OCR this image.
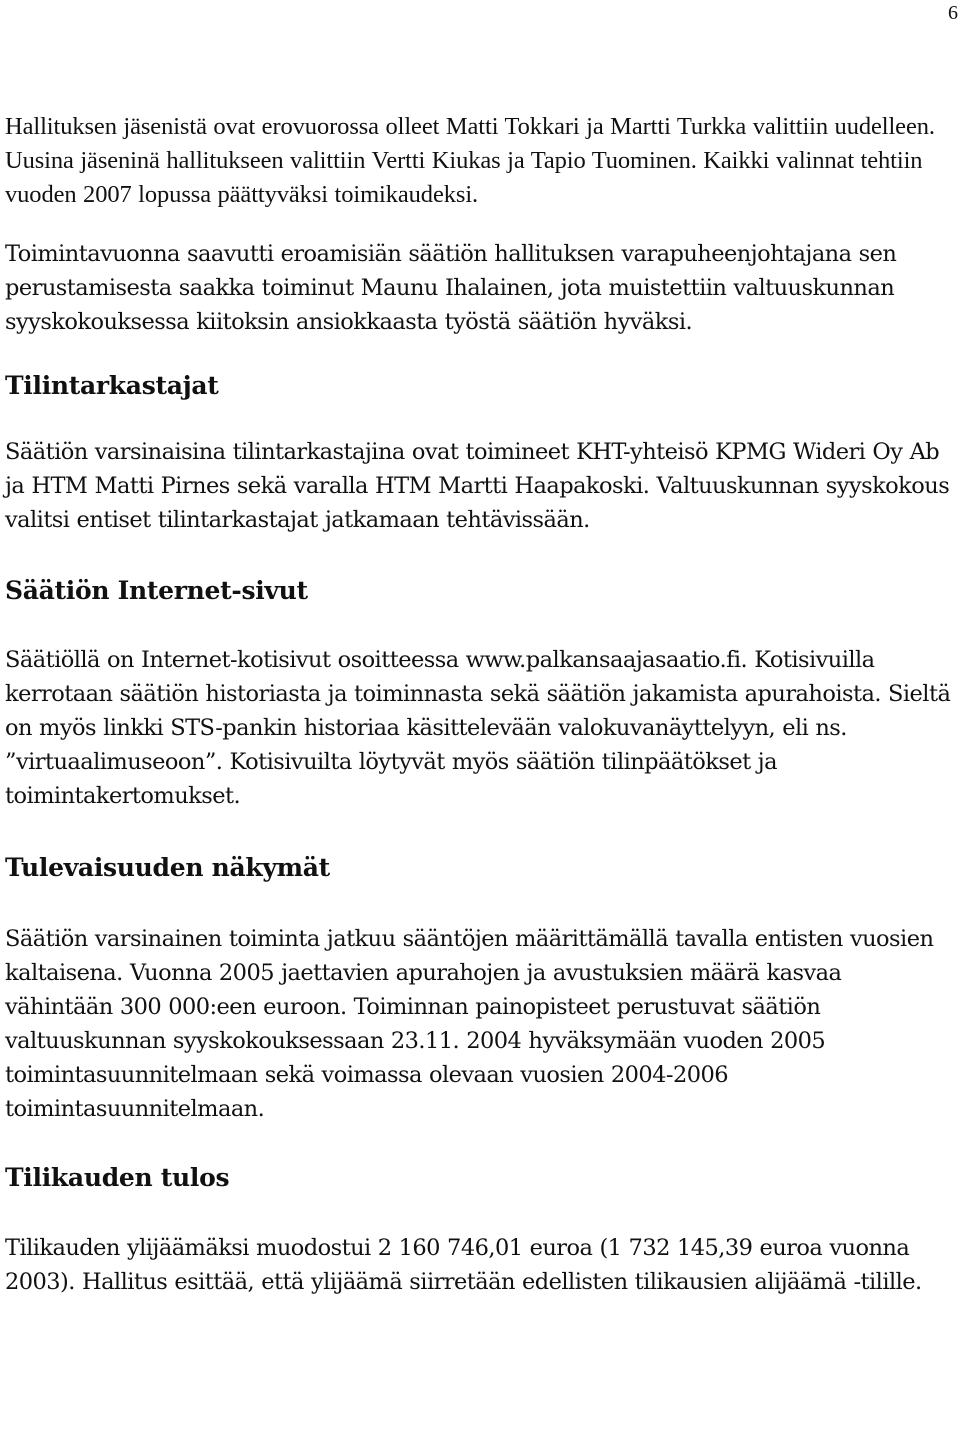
6

Hallituksen jäsenistä ovat erovuorossa olleet Matti Tokkari ja Martti Turkka valittiin uudelleen. Uusina jäseninä hallitukseen valittiin Vertti Kiukas ja Tapio Tuominen. Kaikki valinnat tehtiin vuoden 2007 lopussa päättyväksi toimikaudeksi.

Toimintavuonna saavutti eroamisiän säätiön hallituksen varapuheenjohtajana sen perustamisesta saakka toiminut Maunu Ihalainen, jota muistettiin valtuuskunnan syyskokouksessa kiitoksin ansiokkaasta työstä säätiön hyväksi.

Tilintarkastajat

Säätiön varsinaisina tilintarkastajina ovat toimineet KHT-yhteisö KPMG Wideri Oy Ab ja HTM Matti Pirnes sekä varalla HTM Martti Haapakoski. Valtuuskunnan syyskokous valitsi entiset tilintarkastajat jatkamaan tehtävissään.

Säätiön Internet-sivut

Säätiöllä on Internet-kotisivut osoitteessa www.palkansaajasaatio.fi. Kotisivuilla kerrotaan säätiön historiasta ja toiminnasta sekä säätiön jakamista apurahoista. Sieltä on myös linkki STS-pankin historiaa käsittelevään valokuvanäyttelyyn, eli ns. ”virtuaalimuseoon”. Kotisivuilta löytyvät myös säätiön tilinpäätökset ja toimintakertomukset.

Tulevaisuuden näkymät

Säätiön varsinainen toiminta jatkuu sääntöjen määrittämällä tavalla entisten vuosien kaltaisena. Vuonna 2005 jaettavien apurahojen ja avustuksien määrä kasvaa vähintään 300 000:een euroon. Toiminnan painopisteet perustuvat säätiön valtuuskunnan syyskokouksessaan 23.11. 2004 hyväksymään vuoden 2005 toimintasuunnitelmaan sekä voimassa olevaan vuosien 2004-2006 toimintasuunnitelmaan.

Tilikauden tulos

Tilikauden ylijäämäksi muodostui 2 160 746,01 euroa (1 732 145,39 euroa vuonna 2003). Hallitus esittää, että ylijäämä siirretään edellisten tilikausien alijäämä -tilille.
